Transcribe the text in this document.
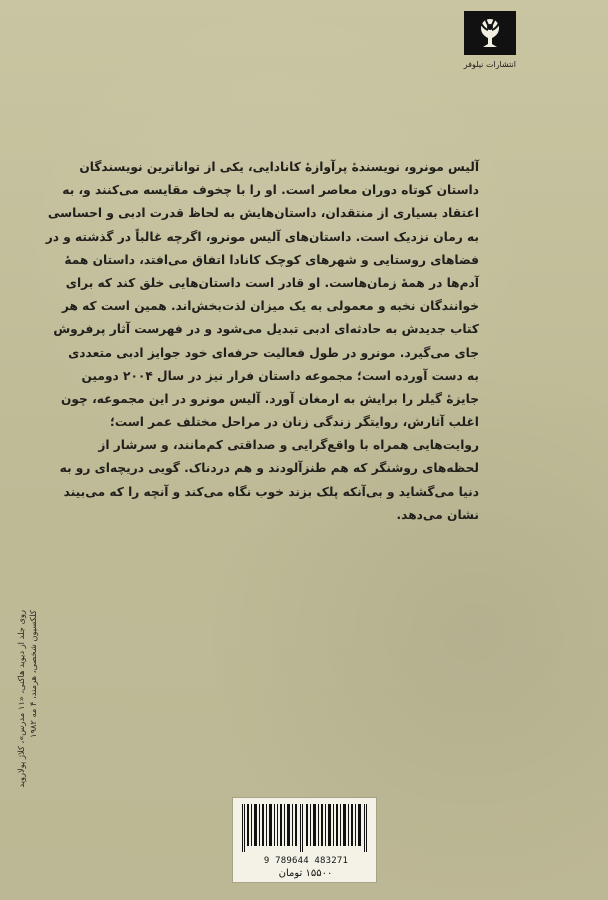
انتشارات نیلوفر
آلیس مونرو، نویسندهٔ پرآوازهٔ کانادایی، یکی از تواناترین نویسندگان
داستان کوتاه دوران معاصر است. او را با چخوف مقایسه می‌کنند و، به
اعتقاد بسیاری از منتقدان، داستان‌هایش به لحاظ قدرت ادبی و احساسی
به رمان نزدیک است. داستان‌های آلیس مونرو، اگرچه غالباً در گذشته و در
فضاهای روستایی و شهرهای کوچک کانادا اتفاق می‌افتد، داستان همهٔ
آدم‌ها در همهٔ زمان‌هاست. او قادر است داستان‌هایی خلق کند که برای
خوانندگان نخبه و معمولی به یک میزان لذت‌بخش‌اند. همین است که هر
کتاب جدیدش به حادثه‌ای ادبی تبدیل می‌شود و در فهرست آثار پرفروش
جای می‌گیرد. مونرو در طول فعالیت حرفه‌ای خود جوایز ادبی متعددی
به دست آورده است؛ مجموعه داستان فرار نیز در سال ۲۰۰۴ دومین
جایزهٔ گیلر را برایش به ارمغان آورد. آلیس مونرو در این مجموعه، چون
اغلب آثارش، روایتگر زندگی زنان در مراحل مختلف عمر است؛
روایت‌هایی همراه با واقع‌گرایی و صداقتی کم‌مانند، و سرشار از
لحظه‌های روشنگر که هم طنزآلودند و هم دردناک. گویی دریچه‌ای رو به
دنیا می‌گشاید و بی‌آنکه پلک بزند خوب نگاه می‌کند و آنچه را که می‌بیند
نشان می‌دهد.
روی جلد از دیوید هاکنی، «۱۱ مدرس»، کلاژ پولاروید
کلکسیون شخصی، هرمند، ۴ مه ۱۹۸۲
9 789644 483271
۱۵۵۰۰ تومان
